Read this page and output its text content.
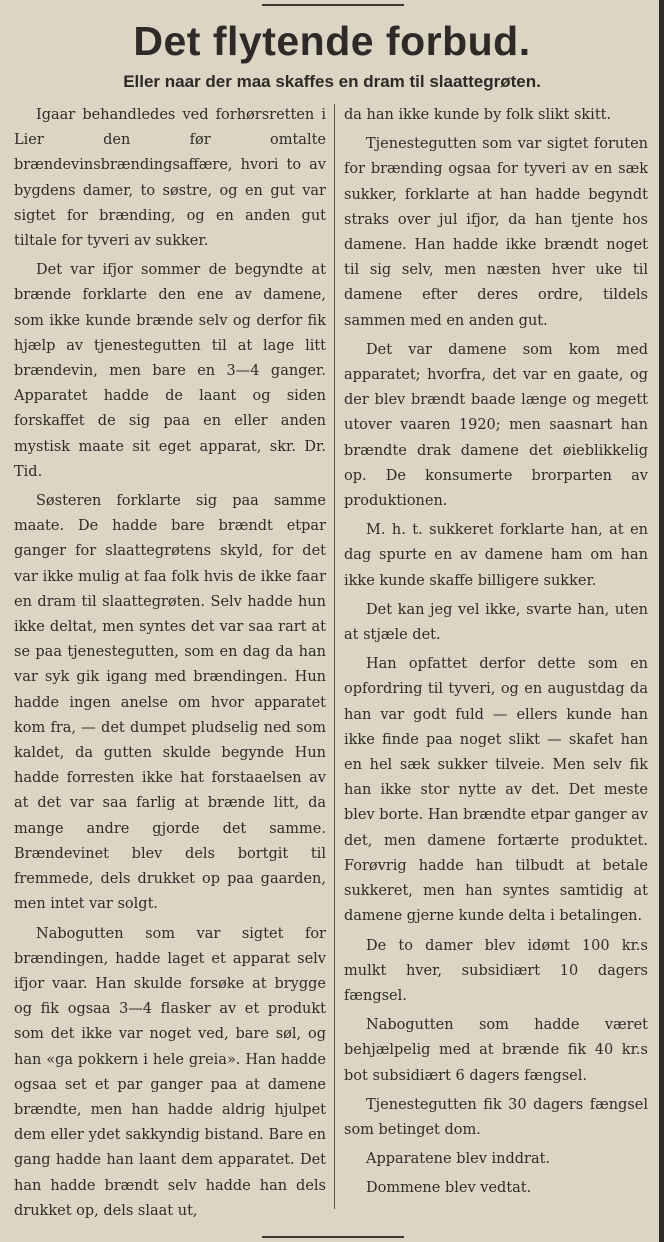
Det flytende forbud.
Eller naar der maa skaffes en dram til slaattegrøten.

Igaar behandledes ved forhørsretten i Lier den før omtalte brændevinsbrændingsaffære, hvori to av bygdens damer, to søstre, og en gut var sigtet for brænding, og en anden gut tiltale for tyveri av sukker.

Det var ifjor sommer de begyndte at brænde forklarte den ene av damene, som ikke kunde brænde selv og derfor fik hjælp av tjenestegutten til at lage litt brændevin, men bare en 3—4 ganger. Apparatet hadde de laant og siden forskaffet de sig paa en eller anden mystisk maate sit eget apparat, skr. Dr. Tid.

Søsteren forklarte sig paa samme maate. De hadde bare brændt etpar ganger for slaattegrøtens skyld, for det var ikke mulig at faa folk hvis de ikke faar en dram til slaattegrøten. Selv hadde hun ikke deltat, men syntes det var saa rart at se paa tjenestegutten, som en dag da han var syk gik igang med brændingen. Hun hadde ingen anelse om hvor apparatet kom fra, — det dumpet pludselig ned som kaldet, da gutten skulde begynde Hun hadde forresten ikke hat forstaaelsen av at det var saa farlig at brænde litt, da mange andre gjorde det samme. Brændevinet blev dels bortgit til fremmede, dels drukket op paa gaarden, men intet var solgt.

Nabogutten som var sigtet for brændingen, hadde laget et apparat selv ifjor vaar. Han skulde forsøke at brygge og fik ogsaa 3—4 flasker av et produkt som det ikke var noget ved, bare søl, og han «ga pokkern i hele greia». Han hadde ogsaa set et par ganger paa at damene brændte, men han hadde aldrig hjulpet dem eller ydet sakkyndig bistand. Bare en gang hadde han laant dem apparatet. Det han hadde brændt selv hadde han dels drukket op, dels slaat ut,

da han ikke kunde by folk slikt skitt.

Tjenestegutten som var sigtet foruten for brænding ogsaa for tyveri av en sæk sukker, forklarte at han hadde begyndt straks over jul ifjor, da han tjente hos damene. Han hadde ikke brændt noget til sig selv, men næsten hver uke til damene efter deres ordre, tildels sammen med en anden gut.

Det var damene som kom med apparatet; hvorfra, det var en gaate, og der blev brændt baade længe og megett utover vaaren 1920; men saasnart han brændte drak damene det øieblikkelig op. De konsumerte brorparten av produktionen.

M. h. t. sukkeret forklarte han, at en dag spurte en av damene ham om han ikke kunde skaffe billigere sukker.

Det kan jeg vel ikke, svarte han, uten at stjæle det.

Han opfattet derfor dette som en opfordring til tyveri, og en augustdag da han var godt fuld — ellers kunde han ikke finde paa noget slikt — skafet han en hel sæk sukker tilveie. Men selv fik han ikke stor nytte av det. Det meste blev borte. Han brændte etpar ganger av det, men damene fortærte produktet. Forøvrig hadde han tilbudt at betale sukkeret, men han syntes samtidig at damene gjerne kunde delta i betalingen.

De to damer blev idømt 100 kr.s mulkt hver, subsidiært 10 dagers fængsel.

Nabogutten som hadde været behjælpelig med at brænde fik 40 kr.s bot subsidiært 6 dagers fængsel.

Tjenestegutten fik 30 dagers fængsel som betinget dom.

Apparatene blev inddrat.

Dommene blev vedtat.
